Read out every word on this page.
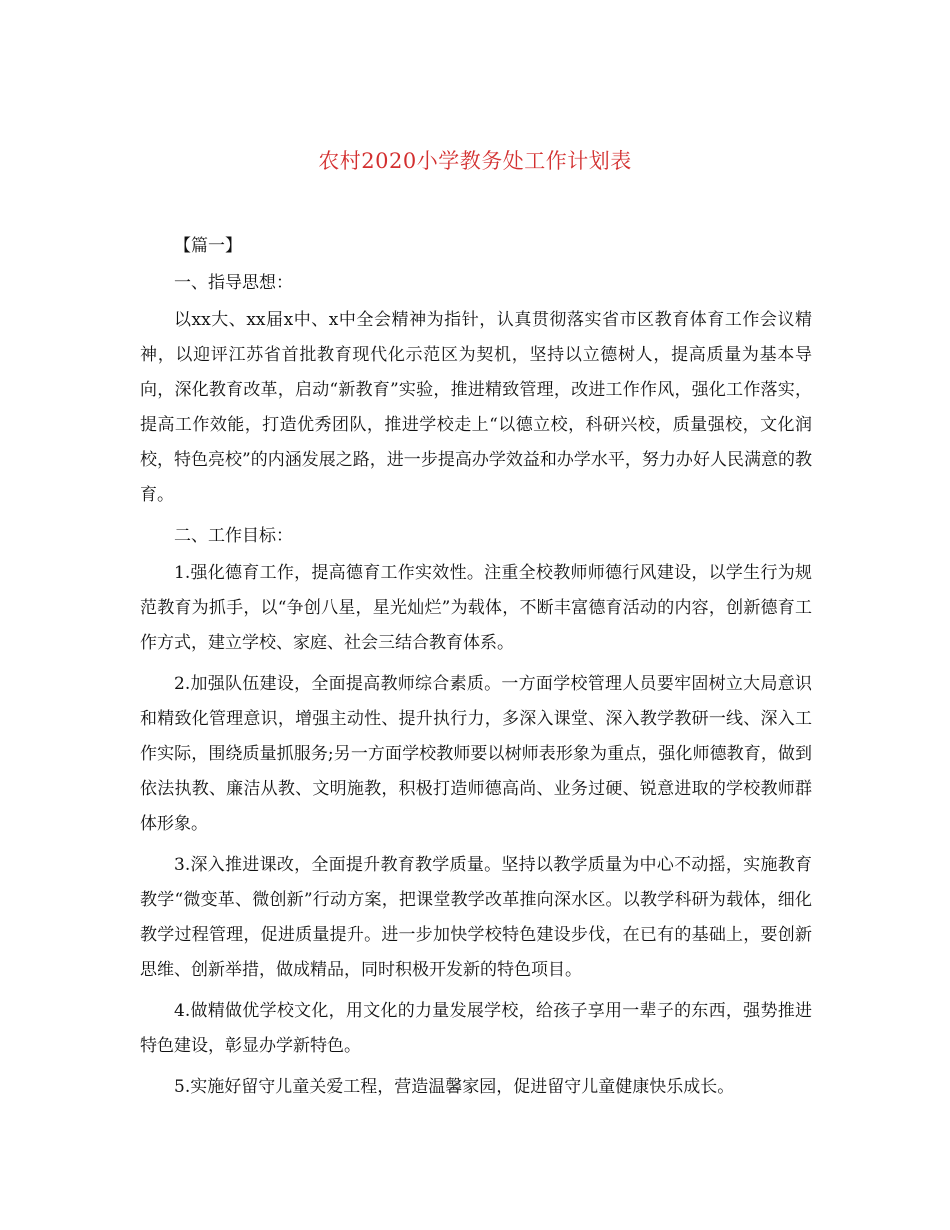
农村2020小学教务处工作计划表

【篇一】

一、指导思想：

以xx大、xx届x中、x中全会精神为指针，认真贯彻落实省市区教育体育工作会议精神，以迎评江苏省首批教育现代化示范区为契机，坚持以立德树人，提高质量为基本导向，深化教育改革，启动“新教育”实验，推进精致管理，改进工作作风，强化工作落实，提高工作效能，打造优秀团队，推进学校走上“以德立校，科研兴校，质量强校，文化润校，特色亮校”的内涵发展之路，进一步提高办学效益和办学水平，努力办好人民满意的教育。

二、工作目标：

1.强化德育工作，提高德育工作实效性。注重全校教师师德行风建设，以学生行为规范教育为抓手，以“争创八星，星光灿烂”为载体，不断丰富德育活动的内容，创新德育工作方式，建立学校、家庭、社会三结合教育体系。

2.加强队伍建设，全面提高教师综合素质。一方面学校管理人员要牢固树立大局意识和精致化管理意识，增强主动性、提升执行力，多深入课堂、深入教学教研一线、深入工作实际，围绕质量抓服务;另一方面学校教师要以树师表形象为重点，强化师德教育，做到依法执教、廉洁从教、文明施教，积极打造师德高尚、业务过硬、锐意进取的学校教师群体形象。

3.深入推进课改，全面提升教育教学质量。坚持以教学质量为中心不动摇，实施教育教学“微变革、微创新”行动方案，把课堂教学改革推向深水区。以教学科研为载体，细化教学过程管理，促进质量提升。进一步加快学校特色建设步伐，在已有的基础上，要创新思维、创新举措，做成精品，同时积极开发新的特色项目。

4.做精做优学校文化，用文化的力量发展学校，给孩子享用一辈子的东西，强势推进特色建设，彰显办学新特色。

5.实施好留守儿童关爱工程，营造温馨家园，促进留守儿童健康快乐成长。
